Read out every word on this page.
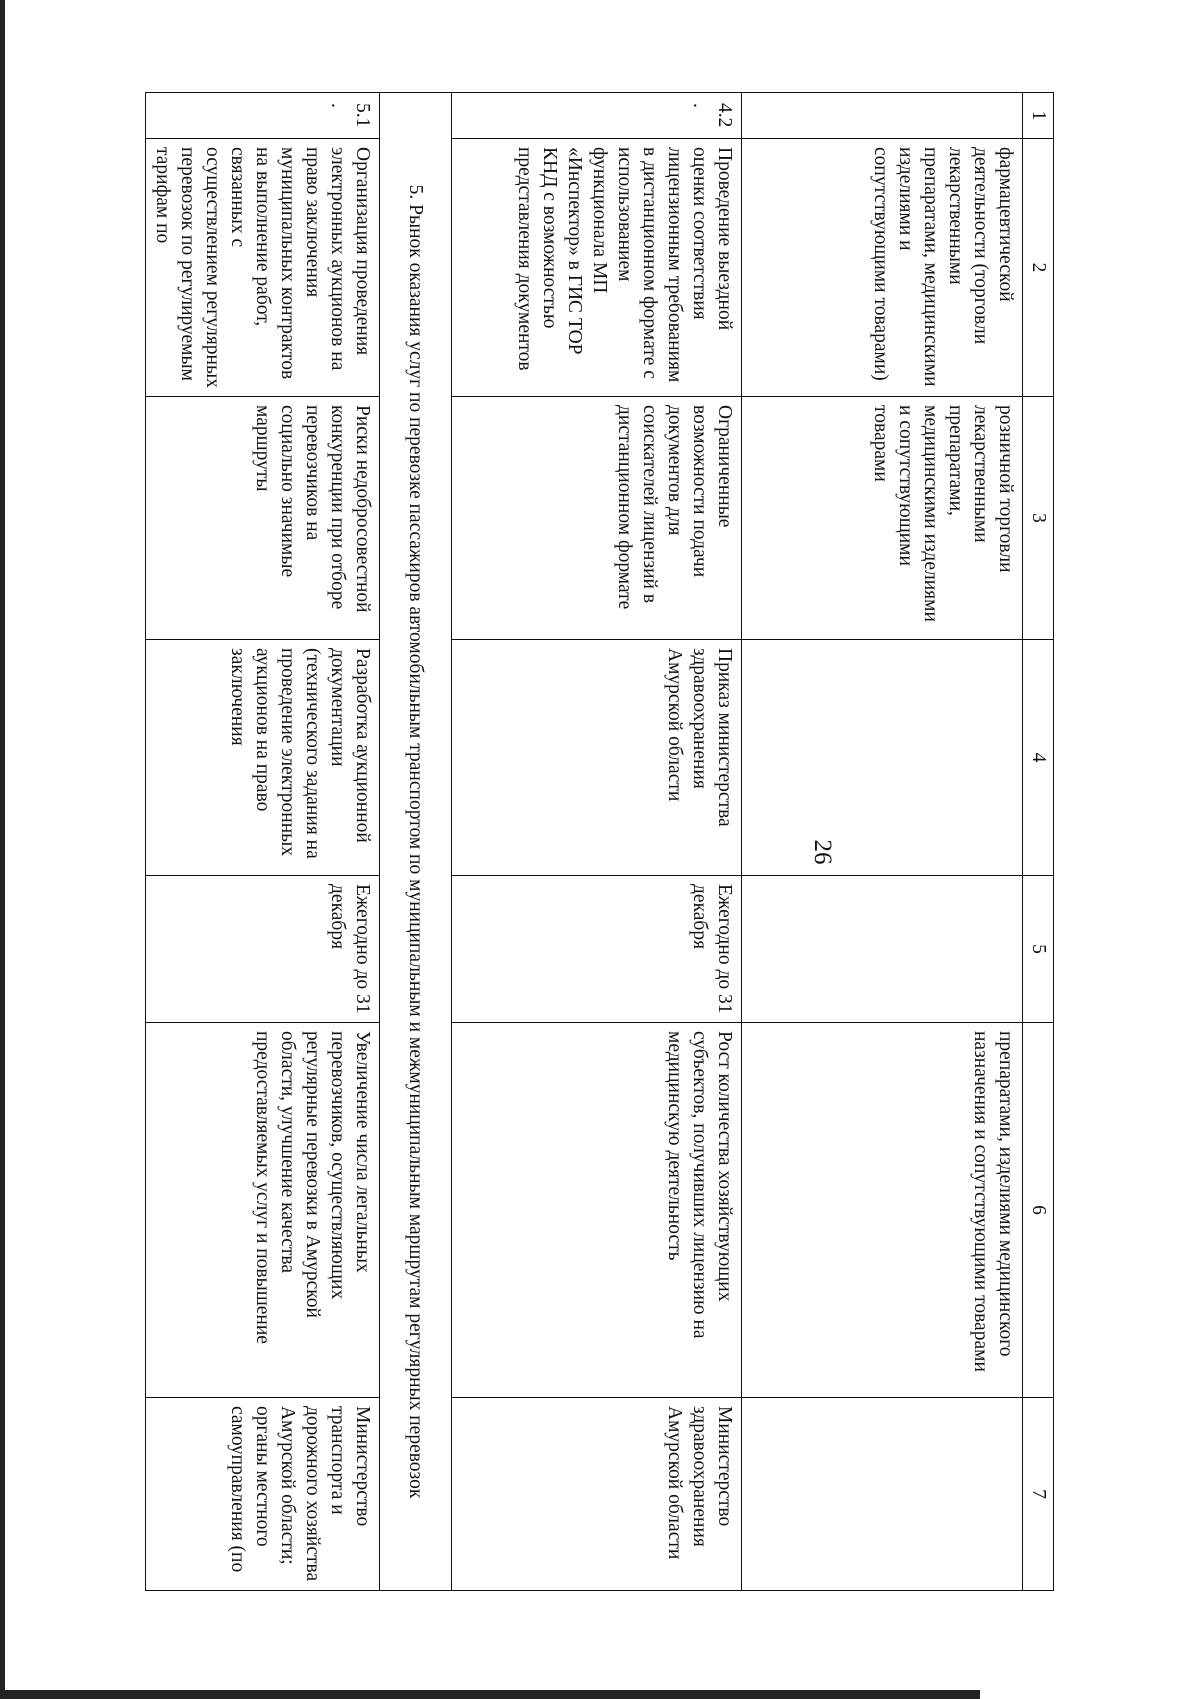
26
1	2	3	4	5	6	7
	фармацевтической деятельности (торговли лекарственными препаратами, медицинскими изделиями и сопутствующими товарами)	розничной торговли лекарственными препаратами, медицинскими изделиями и сопутствующими товарами			препаратами, изделиями медицинского назначения и сопутствующими товарами	
4.2.	Проведение выездной оценки соответствия лицензионным требованиям в дистанционном формате с использованием функционала МП «Инспектор» в ГИС ТОР КНД с возможностью представления документов	Ограниченные возможности подачи документов для соискателей лицензий в дистанционном формате	Приказ министерства здравоохранения Амурской области	Ежегодно до 31 декабря	Рост количества хозяйствующих субъектов, получивших лицензию на медицинскую деятельность	Министерство здравоохранения Амурской области
5. Рынок оказания услуг по перевозке пассажиров автомобильным транспортом по муниципальным и межмуниципальным маршрутам регулярных перевозок						
5.1.	Организация проведения электронных аукционов на право заключения муниципальных контрактов на выполнение работ, связанных с осуществлением регулярных перевозок по регулируемым тарифам по	Риски недобросовестной конкуренции при отборе перевозчиков на социально значимые маршруты	Разработка аукционной документации (технического задания на проведение электронных аукционов на право заключения	Ежегодно до 31 декабря	Увеличение числа легальных перевозчиков, осуществляющих регулярные перевозки в Амурской области, улучшение качества предоставляемых услуг и повышение	Министерство транспорта и дорожного хозяйства Амурской области; органы местного самоуправления (по
